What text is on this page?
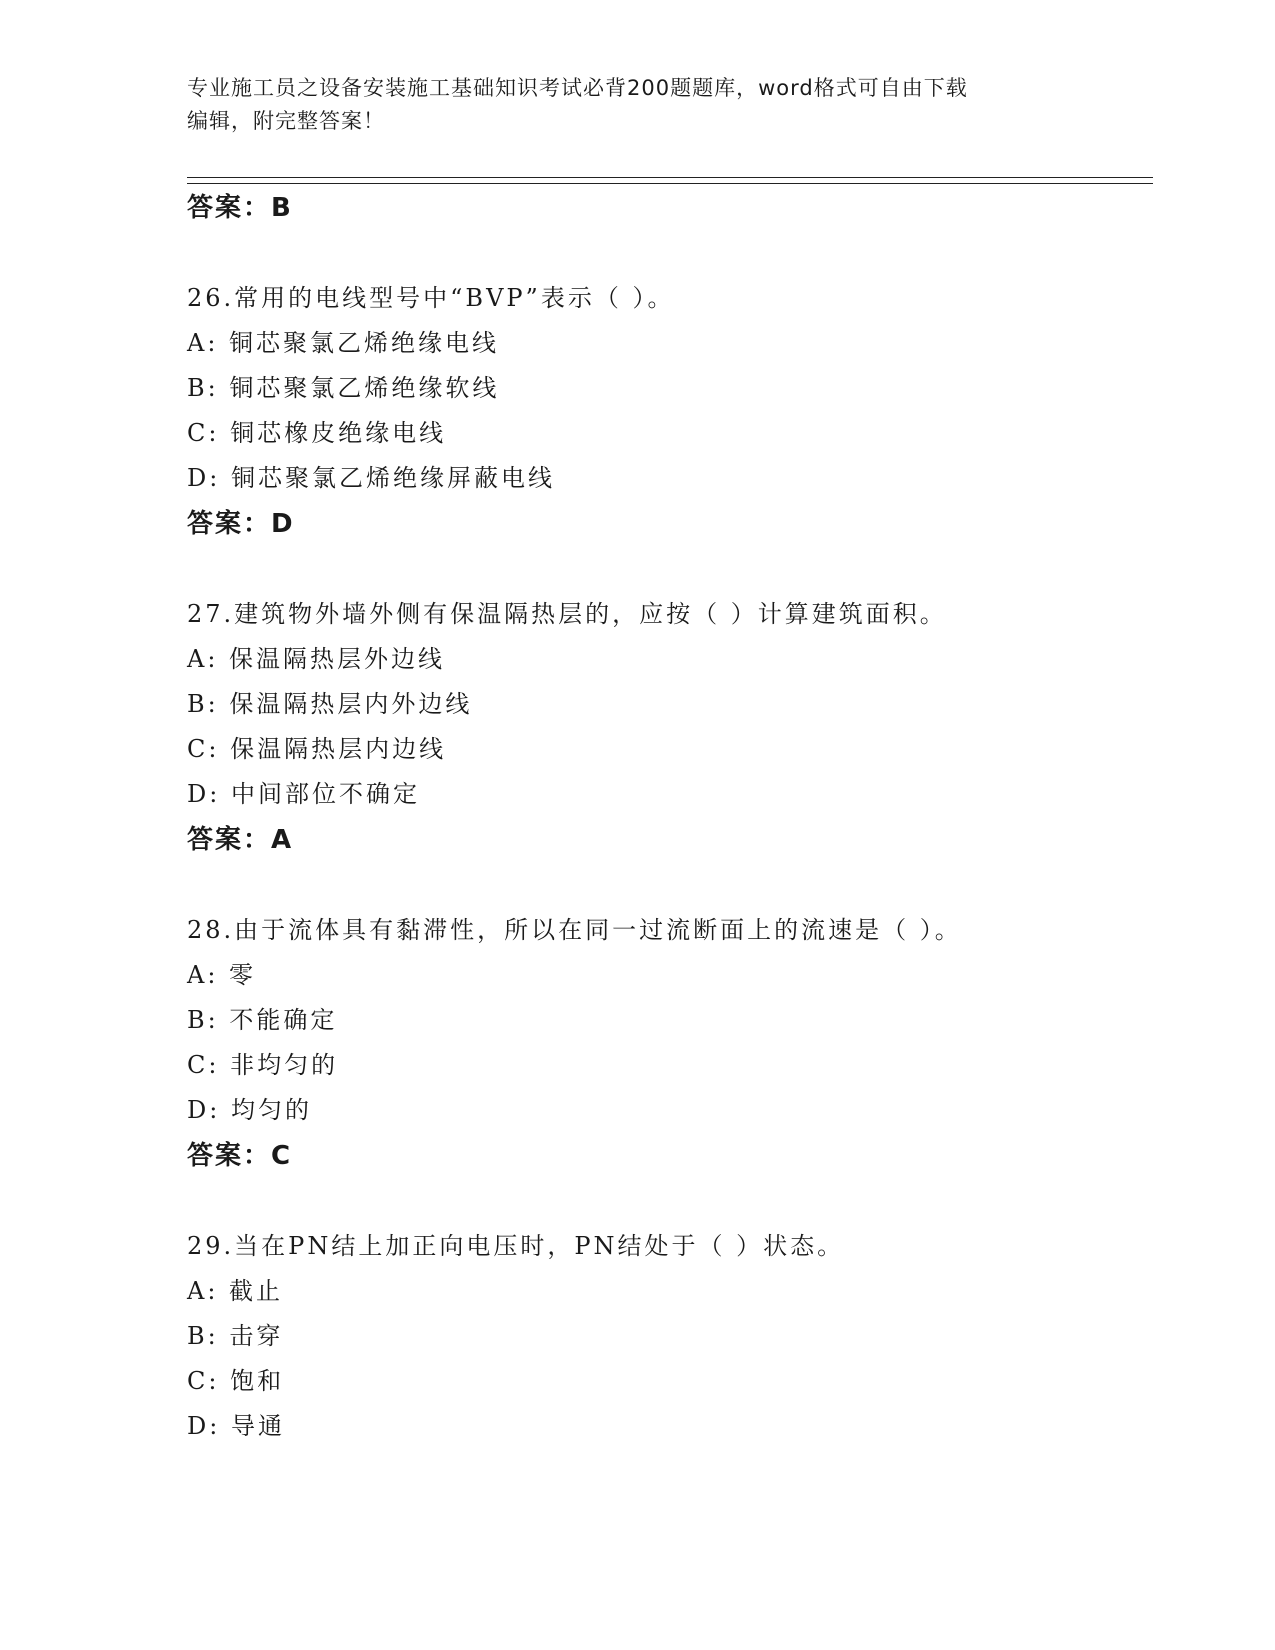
专业施工员之设备安装施工基础知识考试必背200题题库，word格式可自由下载
编辑，附完整答案！
答案：B
26.常用的电线型号中“BVP”表示（ ）。
A: 铜芯聚氯乙烯绝缘电线
B: 铜芯聚氯乙烯绝缘软线
C: 铜芯橡皮绝缘电线
D: 铜芯聚氯乙烯绝缘屏蔽电线
答案：D
27.建筑物外墙外侧有保温隔热层的，应按（ ）计算建筑面积。
A: 保温隔热层外边线
B: 保温隔热层内外边线
C: 保温隔热层内边线
D: 中间部位不确定
答案：A
28.由于流体具有黏滞性，所以在同一过流断面上的流速是（ ）。
A: 零
B: 不能确定
C: 非均匀的
D: 均匀的
答案：C
29.当在PN结上加正向电压时，PN结处于（ ）状态。
A: 截止
B: 击穿
C: 饱和
D: 导通
